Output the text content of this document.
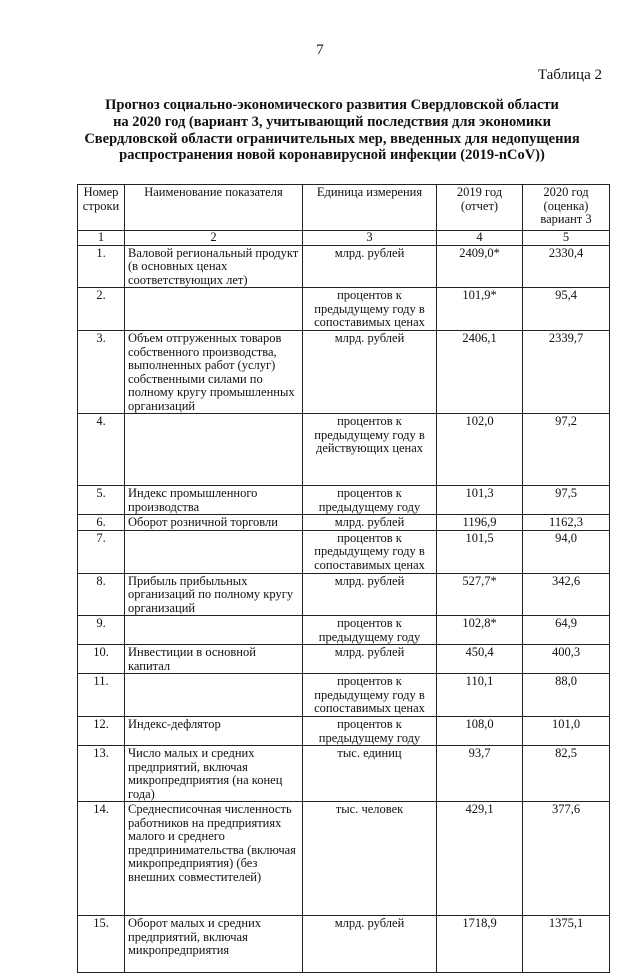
7
Таблица 2
Прогноз социально-экономического развития Свердловской области
на 2020 год (вариант 3, учитывающий последствия для экономики
Свердловской области ограничительных мер, введенных для недопущения
распространения новой коронавирусной инфекции (2019-nCoV))
Номер строки	Наименование показателя	Единица измерения	2019 год (отчет)	2020 год (оценка) вариант 3
1	2	3	4	5
1.	Валовой региональный продукт (в основных ценах соответствующих лет)	млрд. рублей	2409,0*	2330,4
2.		процентов к предыдущему году в сопоставимых ценах	101,9*	95,4
3.	Объем отгруженных товаров собственного производства, выполненных работ (услуг) собственными силами по полному кругу промышленных организаций	млрд. рублей	2406,1	2339,7
4.		процентов к предыдущему году в действующих ценах	102,0	97,2
5.	Индекс промышленного производства	процентов к предыдущему году	101,3	97,5
6.	Оборот розничной торговли	млрд. рублей	1196,9	1162,3
7.		процентов к предыдущему году в сопоставимых ценах	101,5	94,0
8.	Прибыль прибыльных организаций по полному кругу организаций	млрд. рублей	527,7*	342,6
9.		процентов к предыдущему году	102,8*	64,9
10.	Инвестиции в основной капитал	млрд. рублей	450,4	400,3
11.		процентов к предыдущему году в сопоставимых ценах	110,1	88,0
12.	Индекс-дефлятор	процентов к предыдущему году	108,0	101,0
13.	Число малых и средних предприятий, включая микропредприятия (на конец года)	тыс. единиц	93,7	82,5
14.	Среднесписочная численность работников на предприятиях малого и среднего предпринимательства (включая микропредприятия) (без внешних совместителей)	тыс. человек	429,1	377,6
15.	Оборот малых и средних предприятий, включая микропредприятия	млрд. рублей	1718,9	1375,1
